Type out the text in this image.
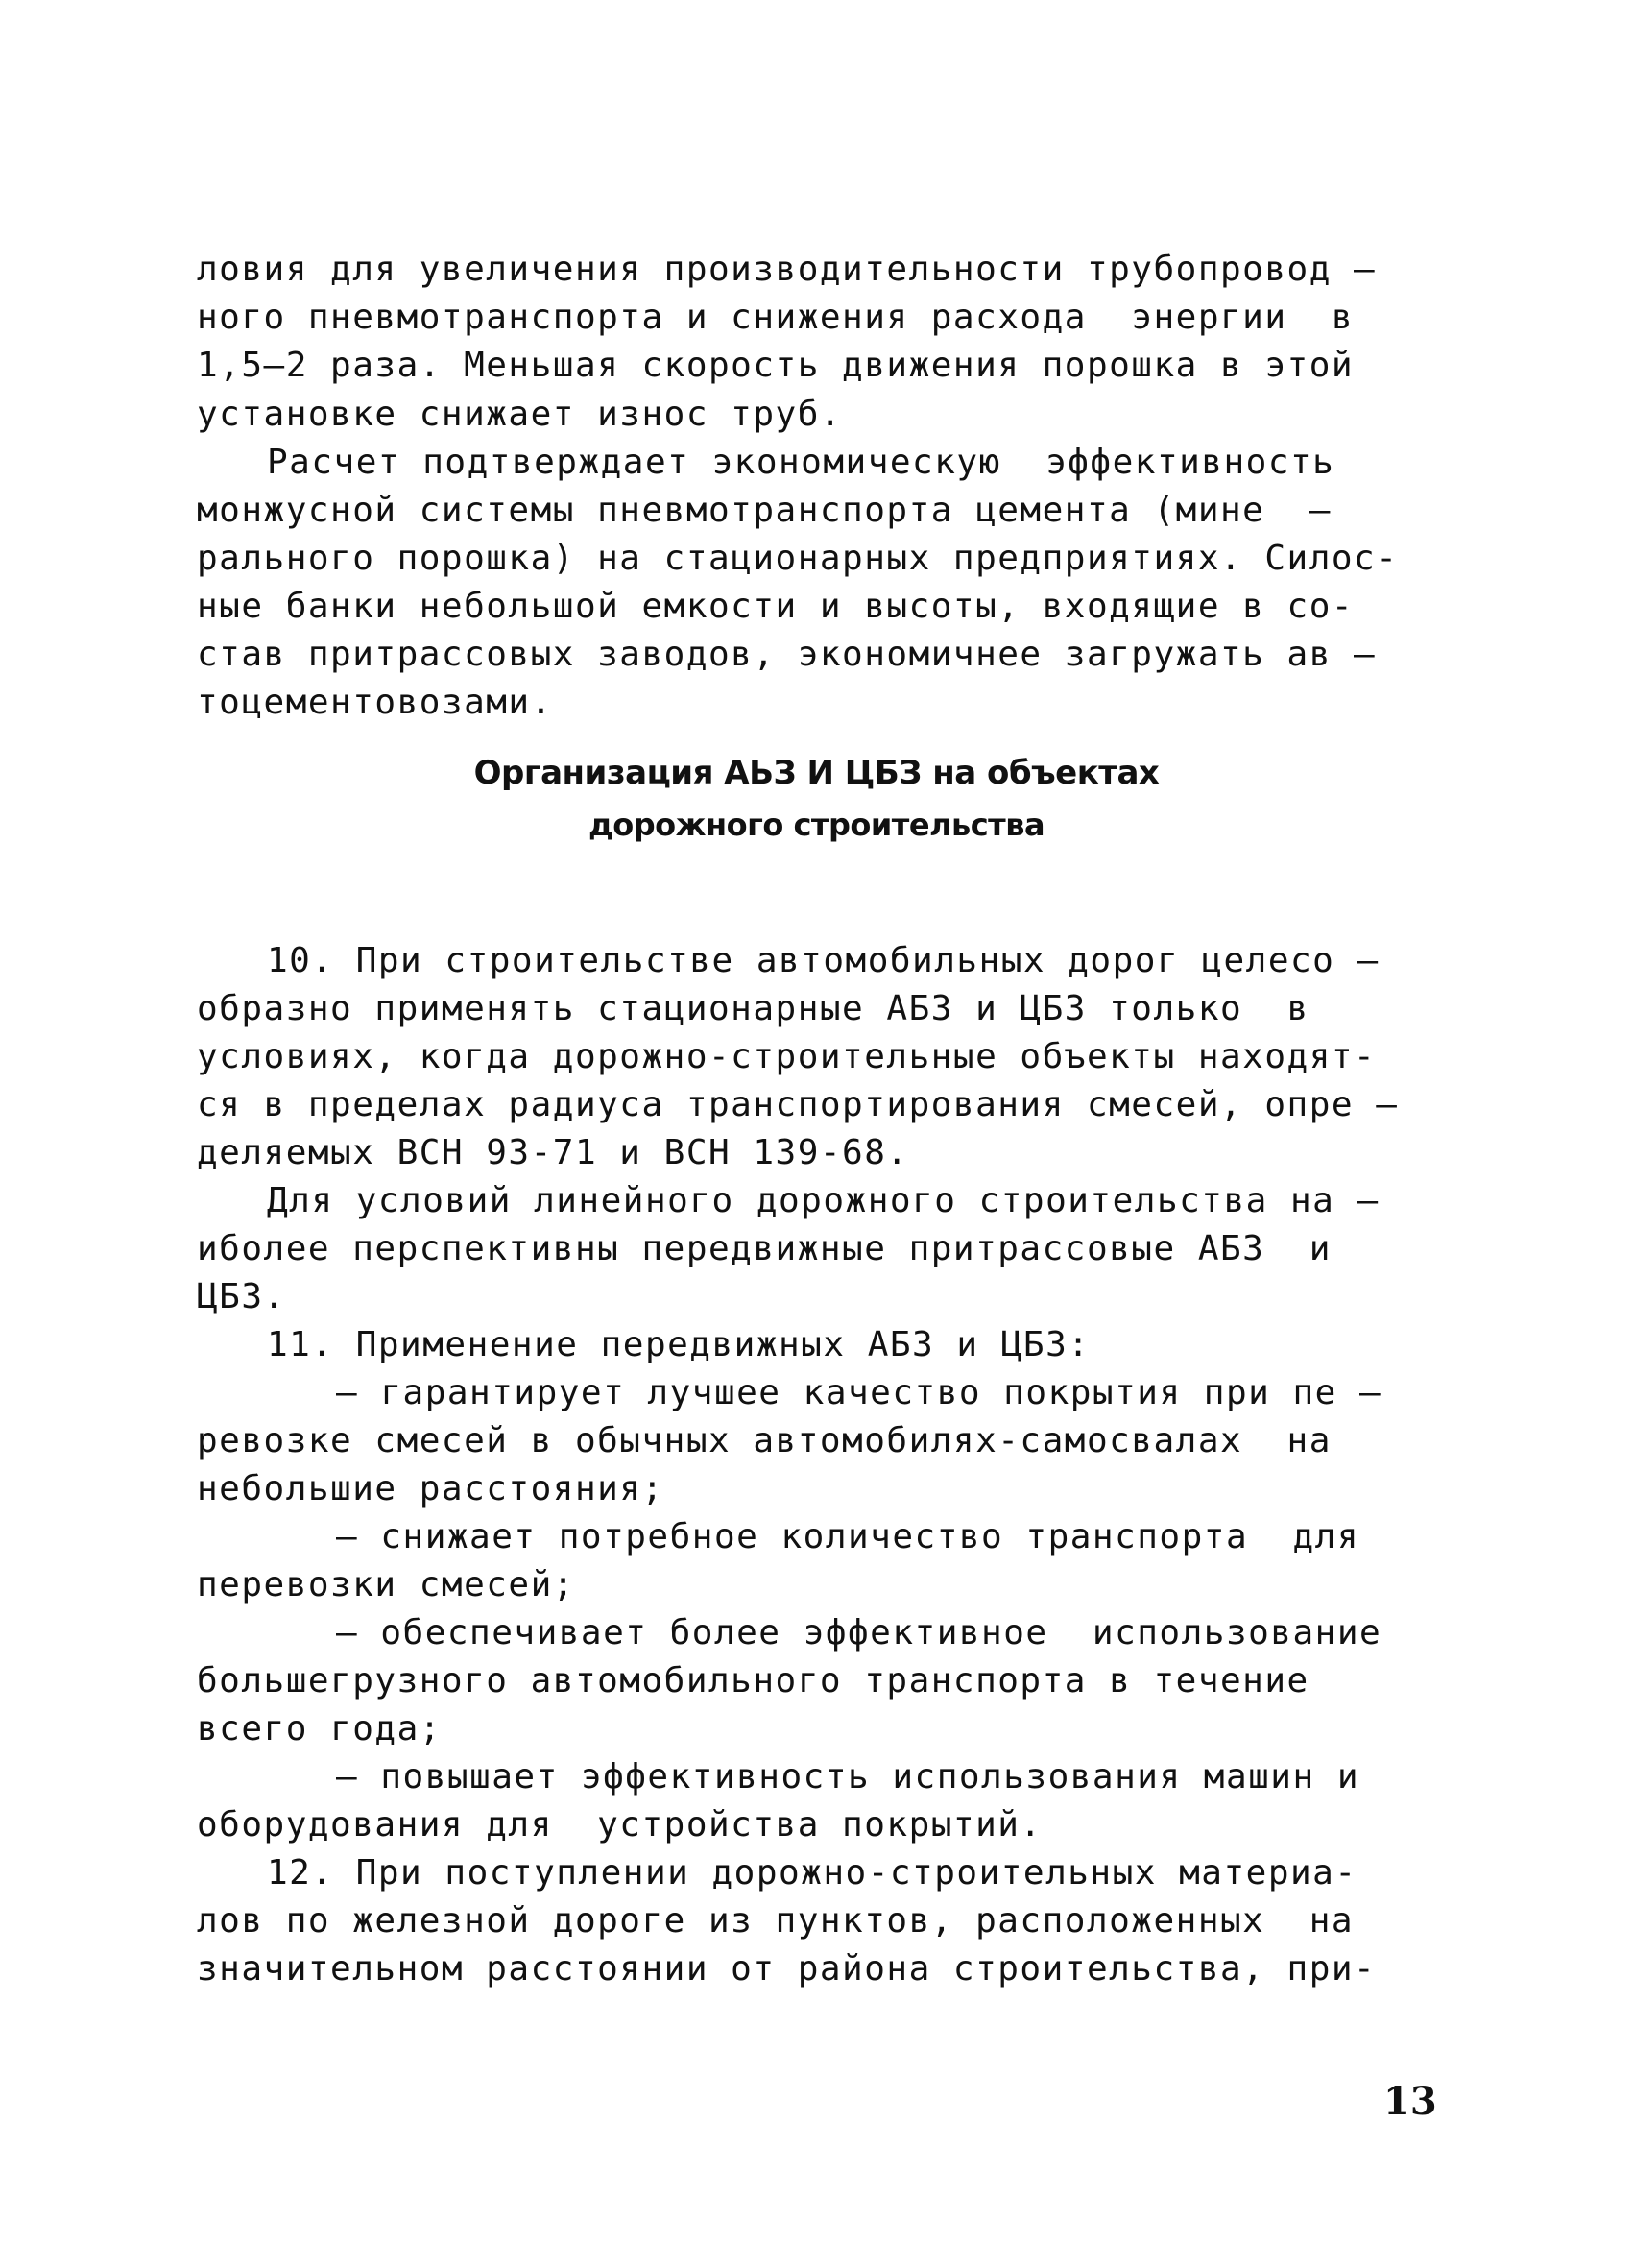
ловия для увеличения производительности трубопровод –
ного пневмотранспорта и снижения расхода  энергии  в
1,5–2 раза. Меньшая скорость движения порошка в этой
установке снижает износ труб.
Расчет подтверждает экономическую  эффективность
монжусной системы пневмотранспорта цемента (мине  –
рального порошка) на стационарных предприятиях. Силос-
ные банки небольшой емкости и высоты, входящие в со-
став притрассовых заводов, экономичнее загружать ав –
тоцементовозами.
Организация АЬЗ И ЦБЗ на объектах
дорожного строительства
10. При строительстве автомобильных дорог целесо –
образно применять стационарные АБЗ и ЦБЗ только  в
условиях, когда дорожно-строительные объекты находят-
ся в пределах радиуса транспортирования смесей, опре –
деляемых ВСН 93-71 и ВСН 139-68.
Для условий линейного дорожного строительства на –
иболее перспективны передвижные притрассовые АБЗ  и
ЦБЗ.
11. Применение передвижных АБЗ и ЦБЗ:
– гарантирует лучшее качество покрытия при пе –
ревозке смесей в обычных автомобилях-самосвалах  на
небольшие расстояния;
– снижает потребное количество транспорта  для
перевозки смесей;
– обеспечивает более эффективное  использование
большегрузного автомобильного транспорта в течение
всего года;
– повышает эффективность использования машин и
оборудования для  устройства покрытий.
12. При поступлении дорожно-строительных материа-
лов по железной дороге из пунктов, расположенных  на
значительном расстоянии от района строительства, при-
13
